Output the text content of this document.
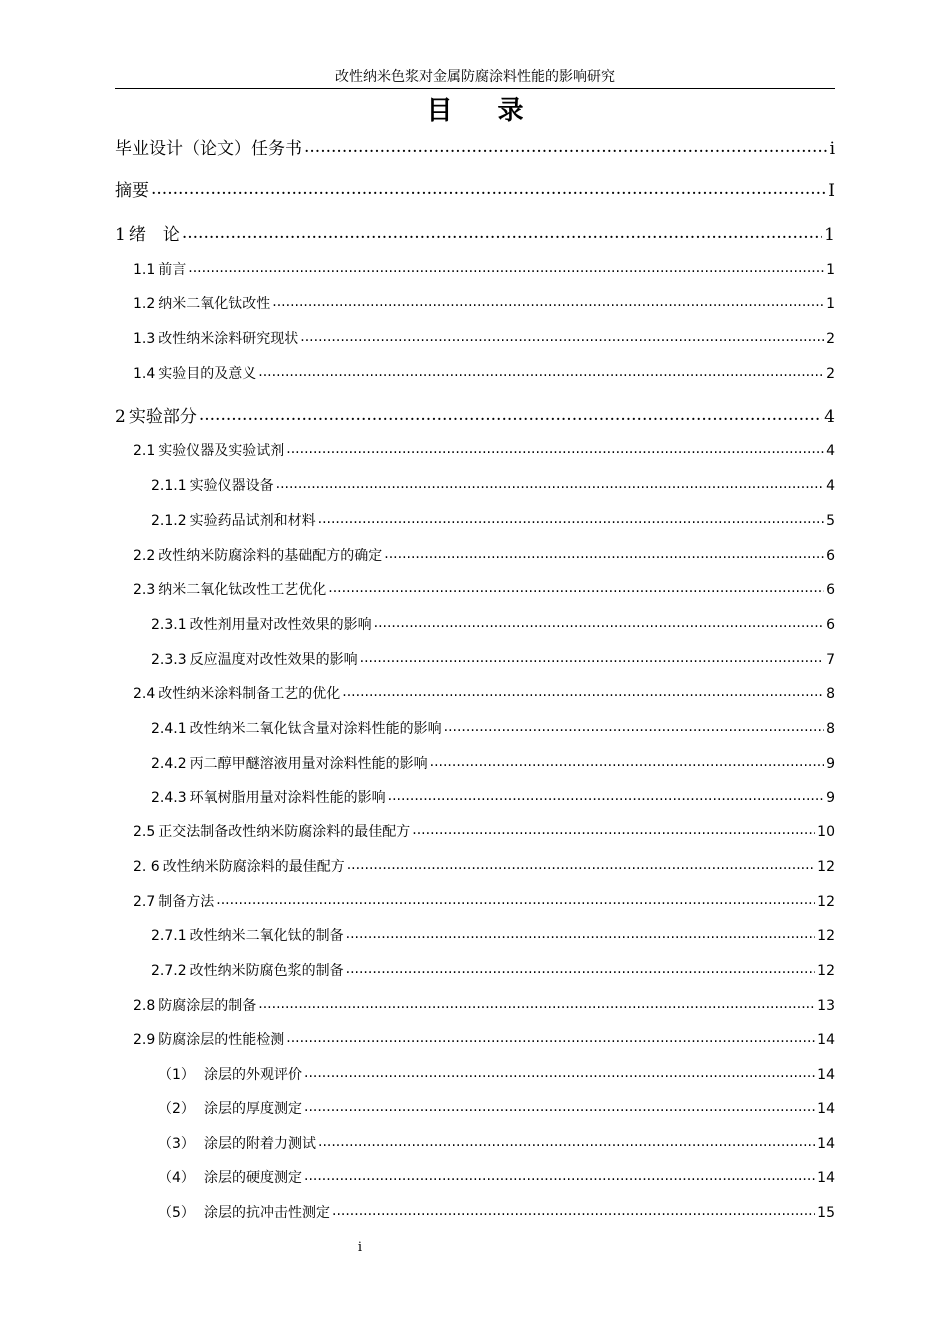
改性纳米色浆对金属防腐涂料性能的影响研究
目 录
毕业设计（论文）任务书 .....	i
摘要 .....	I
1 绪　论 .....	1
1.1 前言 .....	1
1.2 纳米二氧化钛改性 .....	1
1.3 改性纳米涂料研究现状 .....	2
1.4 实验目的及意义 .....	2
2 实验部分 .....	4
2.1 实验仪器及实验试剂 .....	4
2.1.1 实验仪器设备 .....	4
2.1.2 实验药品试剂和材料 .....	5
2.2 改性纳米防腐涂料的基础配方的确定 .....	6
2.3 纳米二氧化钛改性工艺优化 .....	6
2.3.1 改性剂用量对改性效果的影响 .....	6
2.3.3 反应温度对改性效果的影响 .....	7
2.4 改性纳米涂料制备工艺的优化 .....	8
2.4.1 改性纳米二氧化钛含量对涂料性能的影响 .....	8
2.4.2 丙二醇甲醚溶液用量对涂料性能的影响 .....	9
2.4.3 环氧树脂用量对涂料性能的影响 .....	9
2.5 正交法制备改性纳米防腐涂料的最佳配方 .....	10
2. 6 改性纳米防腐涂料的最佳配方 .....	12
2.7 制备方法 .....	12
2.7.1 改性纳米二氧化钛的制备 .....	12
2.7.2 改性纳米防腐色浆的制备 .....	12
2.8 防腐涂层的制备 .....	13
2.9 防腐涂层的性能检测 .....	14
（1） 涂层的外观评价 .....	14
（2） 涂层的厚度测定 .....	14
（3） 涂层的附着力测试 .....	14
（4） 涂层的硬度测定 .....	14
（5） 涂层的抗冲击性测定 .....	15
i
